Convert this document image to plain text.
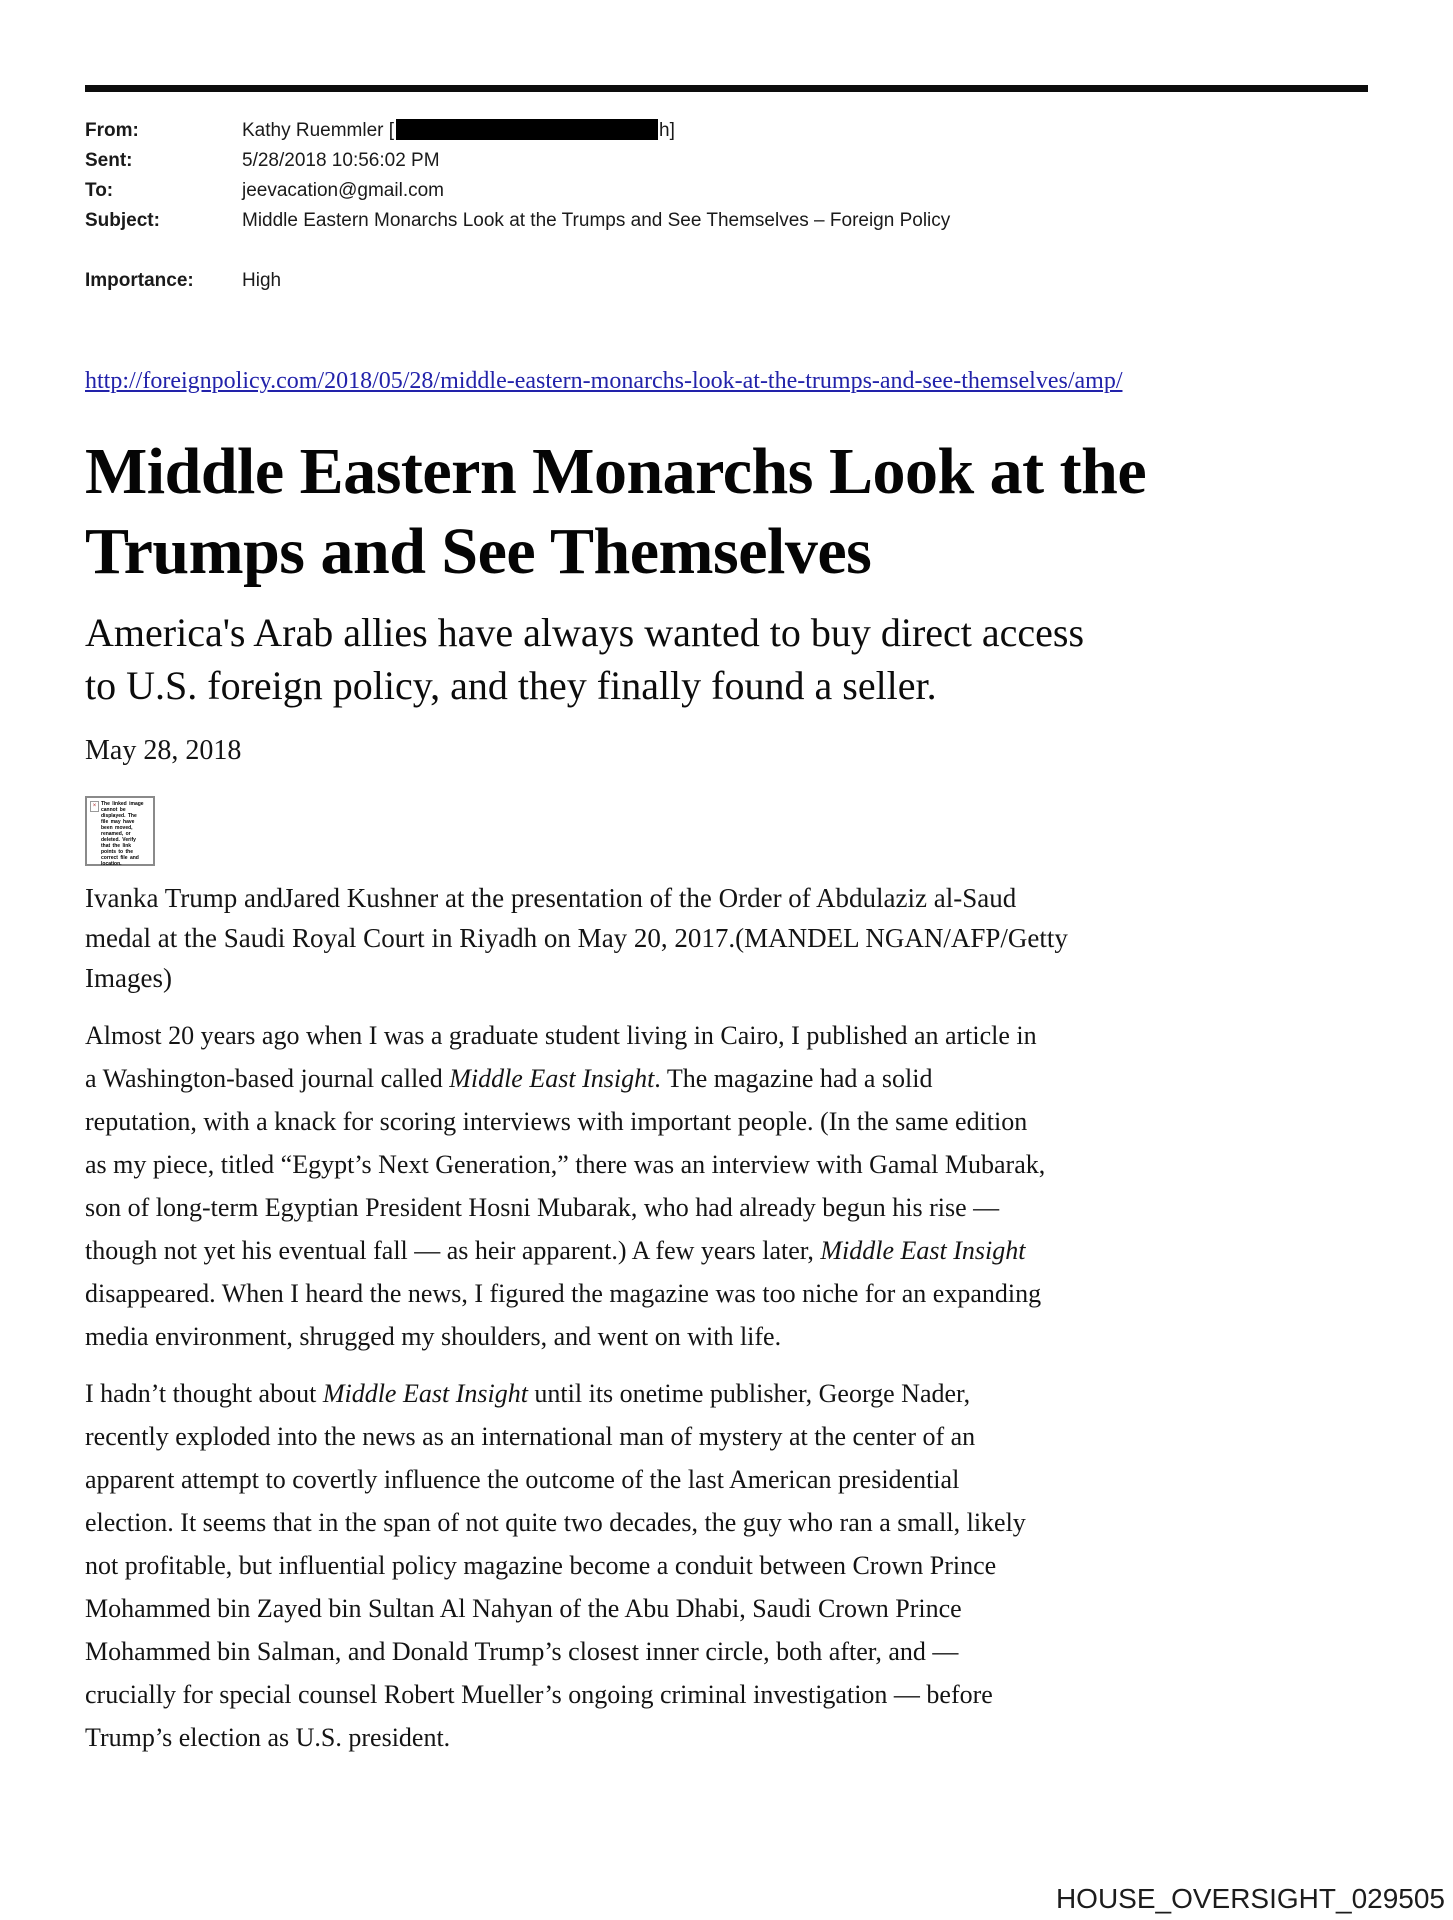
From:	Kathy Ruemmler [	h]
Sent:	5/28/2018 10:56:02 PM
To:	jeevacation@gmail.com
Subject:	Middle Eastern Monarchs Look at the Trumps and See Themselves – Foreign Policy
Importance:	High
http://foreignpolicy.com/2018/05/28/middle-eastern-monarchs-look-at-the-trumps-and-see-themselves/amp/
Middle Eastern Monarchs Look at the
Trumps and See Themselves
America's Arab allies have always wanted to buy direct access
to U.S. foreign policy, and they finally found a seller.
May 28, 2018
× The linked image cannot be displayed. The file may have been moved, renamed, or deleted. Verify that the link points to the correct file and location.
Ivanka Trump andJared Kushner at the presentation of the Order of Abdulaziz al-Saud
medal at the Saudi Royal Court in Riyadh on May 20, 2017.(MANDEL NGAN/AFP/Getty
Images)
Almost 20 years ago when I was a graduate student living in Cairo, I published an article in
a Washington-based journal called Middle East Insight. The magazine had a solid
reputation, with a knack for scoring interviews with important people. (In the same edition
as my piece, titled “Egypt’s Next Generation,” there was an interview with Gamal Mubarak,
son of long-term Egyptian President Hosni Mubarak, who had already begun his rise —
though not yet his eventual fall — as heir apparent.) A few years later, Middle East Insight
disappeared. When I heard the news, I figured the magazine was too niche for an expanding
media environment, shrugged my shoulders, and went on with life.
I hadn’t thought about Middle East Insight until its onetime publisher, George Nader,
recently exploded into the news as an international man of mystery at the center of an
apparent attempt to covertly influence the outcome of the last American presidential
election. It seems that in the span of not quite two decades, the guy who ran a small, likely
not profitable, but influential policy magazine become a conduit between Crown Prince
Mohammed bin Zayed bin Sultan Al Nahyan of the Abu Dhabi, Saudi Crown Prince
Mohammed bin Salman, and Donald Trump’s closest inner circle, both after, and —
crucially for special counsel Robert Mueller’s ongoing criminal investigation — before
Trump’s election as U.S. president.
HOUSE_OVERSIGHT_029505
